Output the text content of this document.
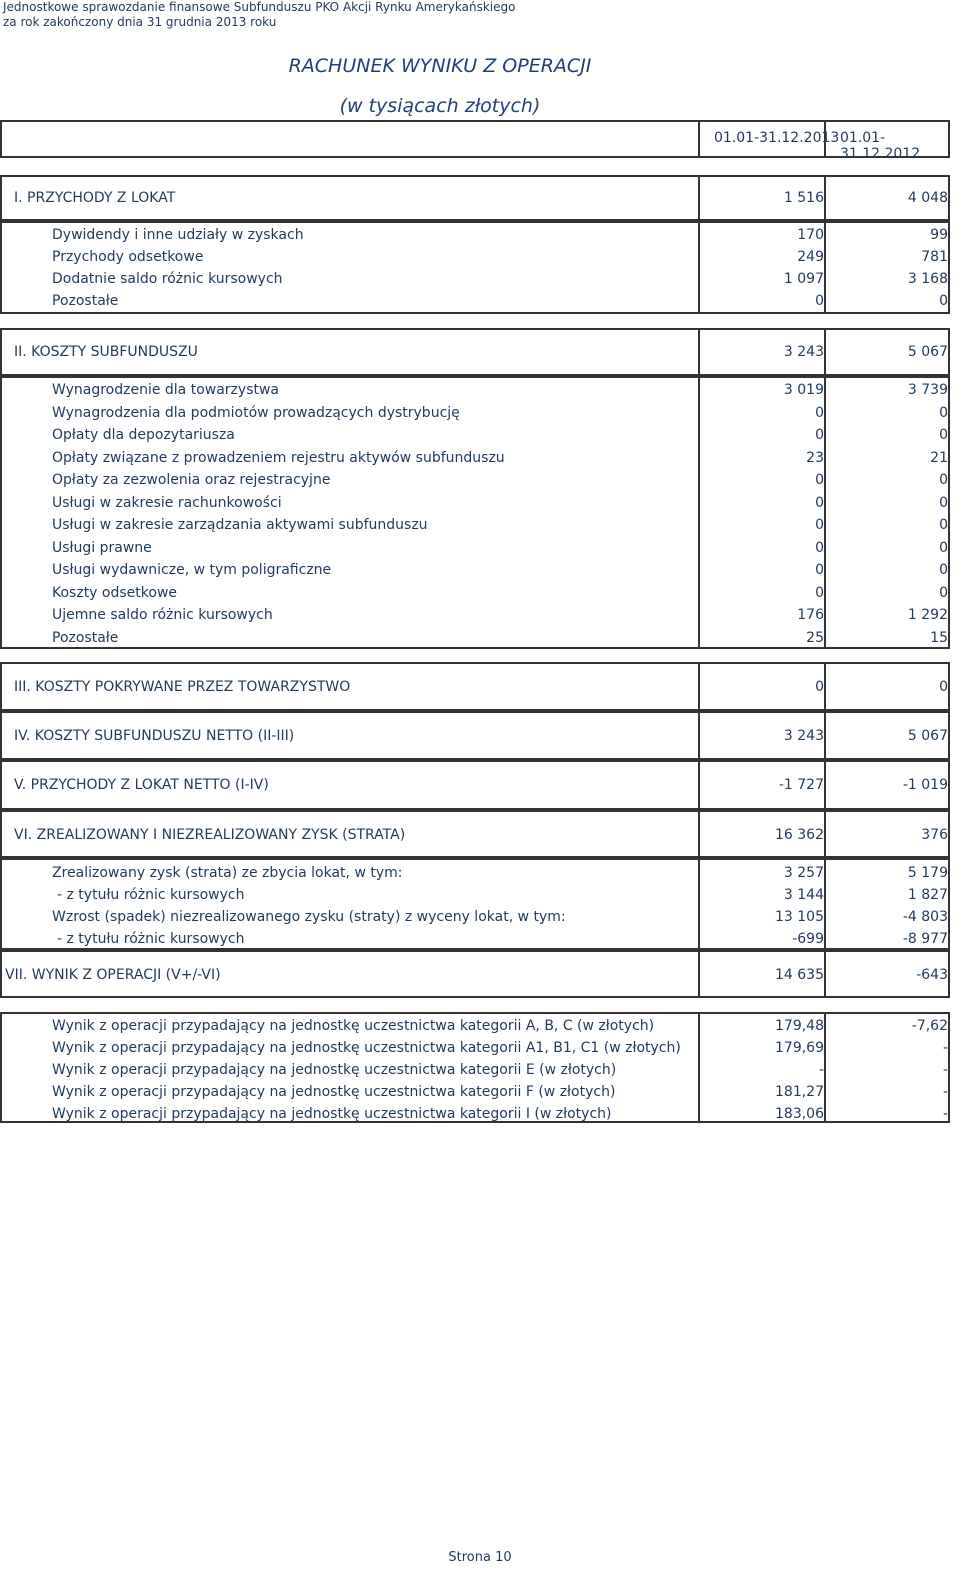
Jednostkowe sprawozdanie finansowe Subfunduszu PKO Akcji Rynku Amerykańskiego
za rok zakończony dnia 31 grudnia 2013 roku
RACHUNEK WYNIKU Z OPERACJI
(w tysiącach złotych)
01.01-31.12.2013 01.01-31.12.2012
I. PRZYCHODY Z LOKAT	1 516	4 048
Dywidendy i inne udziały w zyskach	170	99
Przychody odsetkowe	249	781
Dodatnie saldo różnic kursowych	1 097	3 168
Pozostałe	0	0
II. KOSZTY SUBFUNDUSZU	3 243	5 067
Wynagrodzenie dla towarzystwa	3 019	3 739
Wynagrodzenia dla podmiotów prowadzących dystrybucję	0	0
Opłaty dla depozytariusza	0	0
Opłaty związane z prowadzeniem rejestru aktywów subfunduszu	23	21
Opłaty za zezwolenia oraz rejestracyjne	0	0
Usługi w zakresie rachunkowości	0	0
Usługi w zakresie zarządzania aktywami subfunduszu	0	0
Usługi prawne	0	0
Usługi wydawnicze, w tym poligraficzne	0	0
Koszty odsetkowe	0	0
Ujemne saldo różnic kursowych	176	1 292
Pozostałe	25	15
III. KOSZTY POKRYWANE PRZEZ TOWARZYSTWO	0	0
IV. KOSZTY SUBFUNDUSZU NETTO (II-III)	3 243	5 067
V. PRZYCHODY Z LOKAT NETTO (I-IV)	-1 727	-1 019
VI. ZREALIZOWANY I NIEZREALIZOWANY ZYSK (STRATA)	16 362	376
Zrealizowany zysk (strata) ze zbycia lokat, w tym:	3 257	5 179
- z tytułu różnic kursowych	3 144	1 827
Wzrost (spadek) niezrealizowanego zysku (straty) z wyceny lokat, w tym:	13 105	-4 803
- z tytułu różnic kursowych	-699	-8 977
VII. WYNIK Z OPERACJI (V+/-VI)	14 635	-643
Wynik z operacji przypadający na jednostkę uczestnictwa kategorii A, B, C (w złotych)	179,48	-7,62
Wynik z operacji przypadający na jednostkę uczestnictwa kategorii A1, B1, C1 (w złotych)	179,69	-
Wynik z operacji przypadający na jednostkę uczestnictwa kategorii E (w złotych)	-	-
Wynik z operacji przypadający na jednostkę uczestnictwa kategorii F (w złotych)	181,27	-
Wynik z operacji przypadający na jednostkę uczestnictwa kategorii I (w złotych)	183,06	-
Strona 10
